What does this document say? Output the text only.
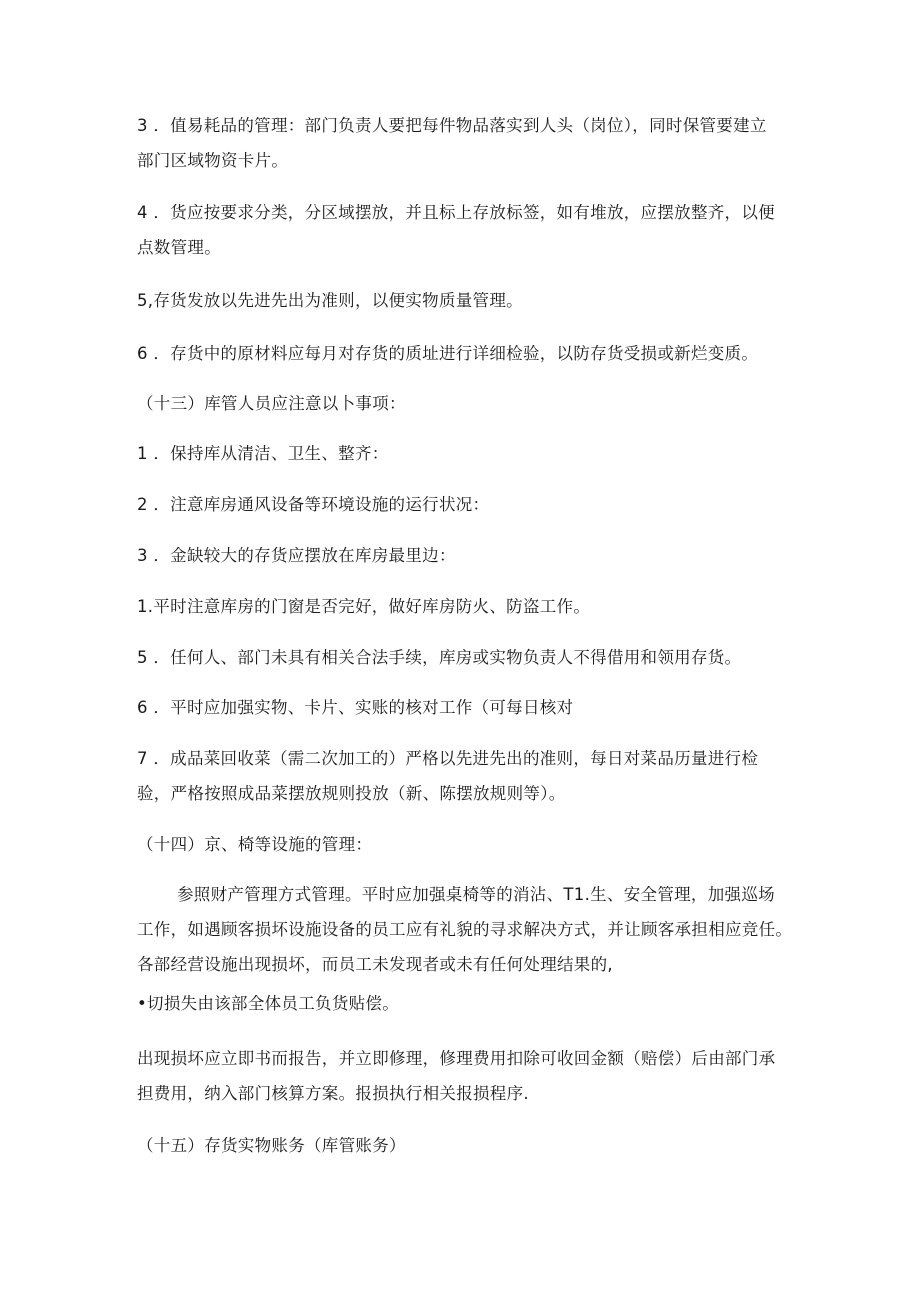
3 ．值易耗品的管理：部门负责人要把每件物品落实到人头（岗位），同时保管要建立
部门区域物资卡片。

4 ．货应按要求分类，分区域摆放，并且标上存放标签，如有堆放，应摆放整齐，以便
点数管理。

5,存货发放以先进先出为准则，以便实物质量管理。

6 ．存货中的原材料应每月对存货的质址进行详细检验，以防存货受损或新烂变质。

（十三）库管人员应注意以卜事项：

1 ．保持库从清洁、卫生、整齐：

2 ．注意库房通风设备等环境设施的运行状况：

3 ．金缺较大的存货应摆放在库房最里边：

1.平时注意库房的门窗是否完好，做好库房防火、防盗工作。

5 ．任何人、部门未具有相关合法手续，库房或实物负责人不得借用和领用存货。

6 ．平时应加强实物、卡片、实账的核对工作（可每日核对

7 ．成品菜回收菜（需二次加工的）严格以先进先出的准则，每日对菜品历量进行检
验，严格按照成品菜摆放规则投放（新、陈摆放规则等）。

（十四）京、椅等设施的管理：

参照财产管理方式管理。平时应加强桌椅等的消沾、T1.生、安全管理，加强巡场
工作，如遇顾客损坏设施设备的员工应有礼貌的寻求解决方式，并让顾客承担相应竞任。
各部经营设施出现损坏，而员工未发现者或未有任何处理结果的,

•切损失由该部全体员工负货贴偿。

出现损坏应立即书而报告，并立即修理，修理费用扣除可收回金额（赔偿）后由部门承
担费用，纳入部门核算方案。报损执行相关报损程序.

（十五）存货实物账务（库管账务）
